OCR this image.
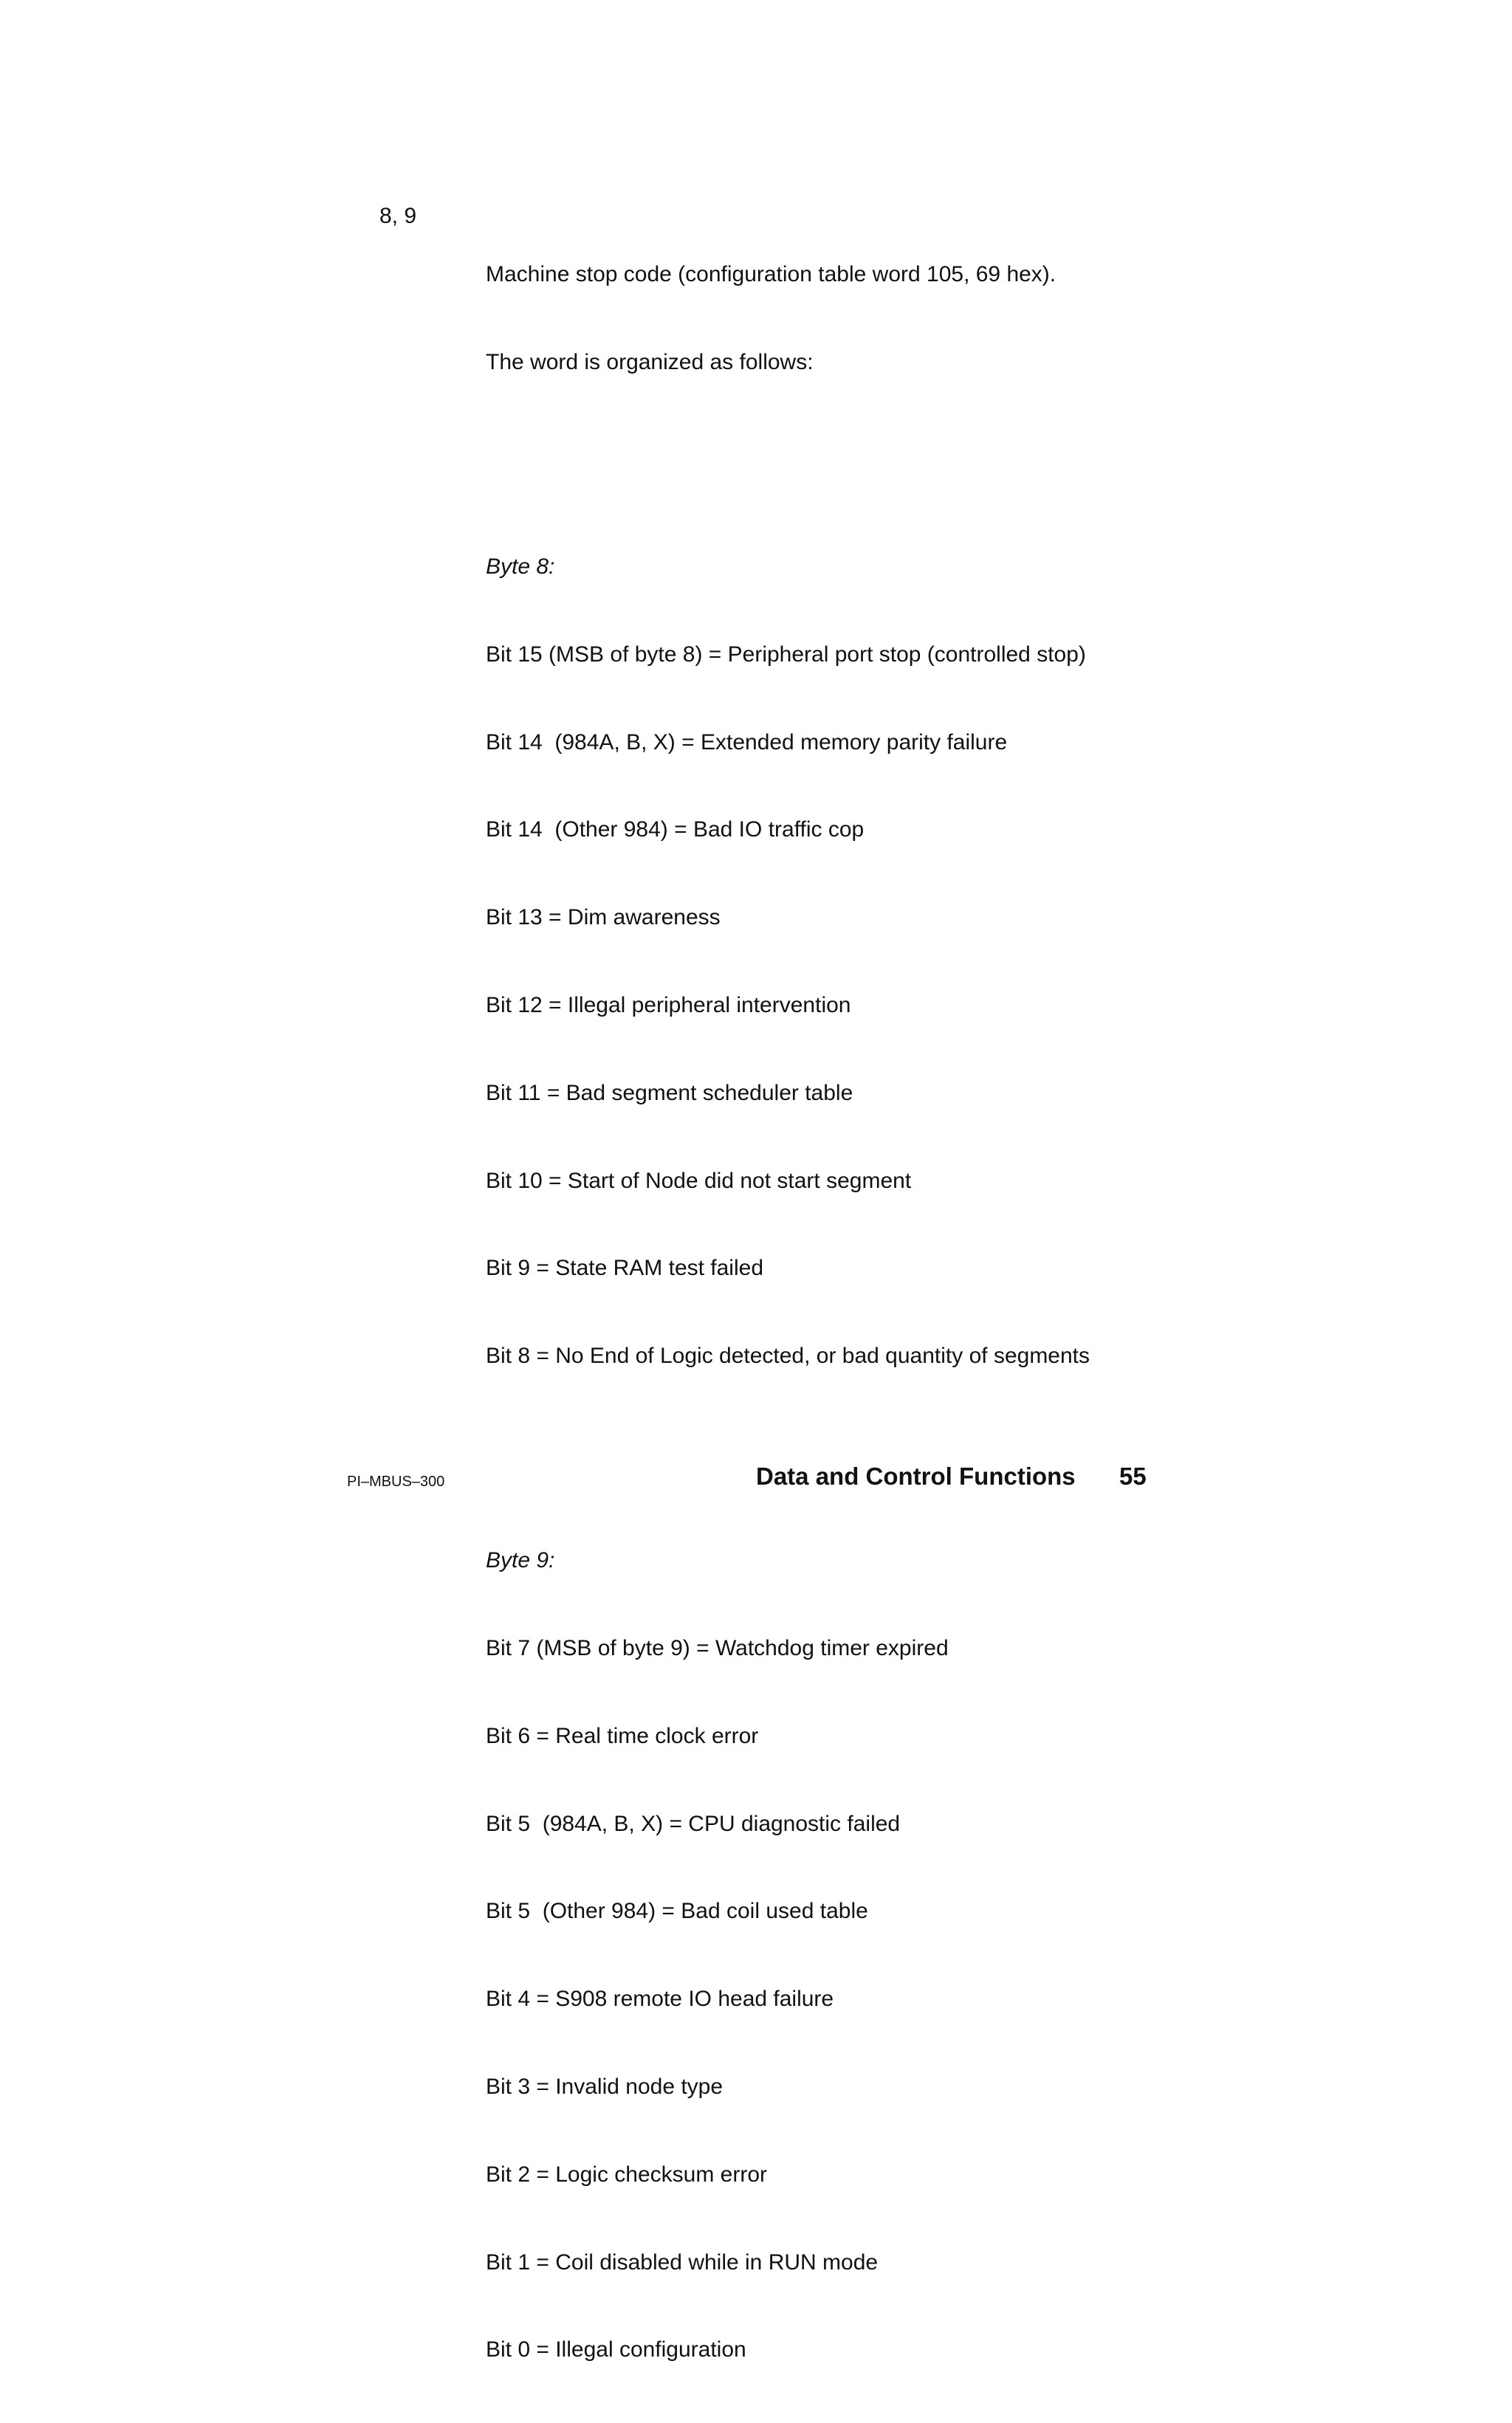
8, 9

Machine stop code (configuration table word 105, 69 hex).

The word is organized as follows:

Byte 8:

Bit 15 (MSB of byte 8) = Peripheral port stop (controlled stop)

Bit 14  (984A, B, X) = Extended memory parity failure

Bit 14  (Other 984) = Bad IO traffic cop

Bit 13 = Dim awareness

Bit 12 = Illegal peripheral intervention

Bit 11 = Bad segment scheduler table

Bit 10 = Start of Node did not start segment

Bit 9 = State RAM test failed

Bit 8 = No End of Logic detected, or bad quantity of segments

Byte 9:

Bit 7 (MSB of byte 9) = Watchdog timer expired

Bit 6 = Real time clock error

Bit 5  (984A, B, X) = CPU diagnostic failed

Bit 5  (Other 984) = Bad coil used table

Bit 4 = S908 remote IO head failure

Bit 3 = Invalid node type

Bit 2 = Logic checksum error

Bit 1 = Coil disabled while in RUN mode

Bit 0 = Illegal configuration

PI–MBUS–300	Data and Control Functions 55
